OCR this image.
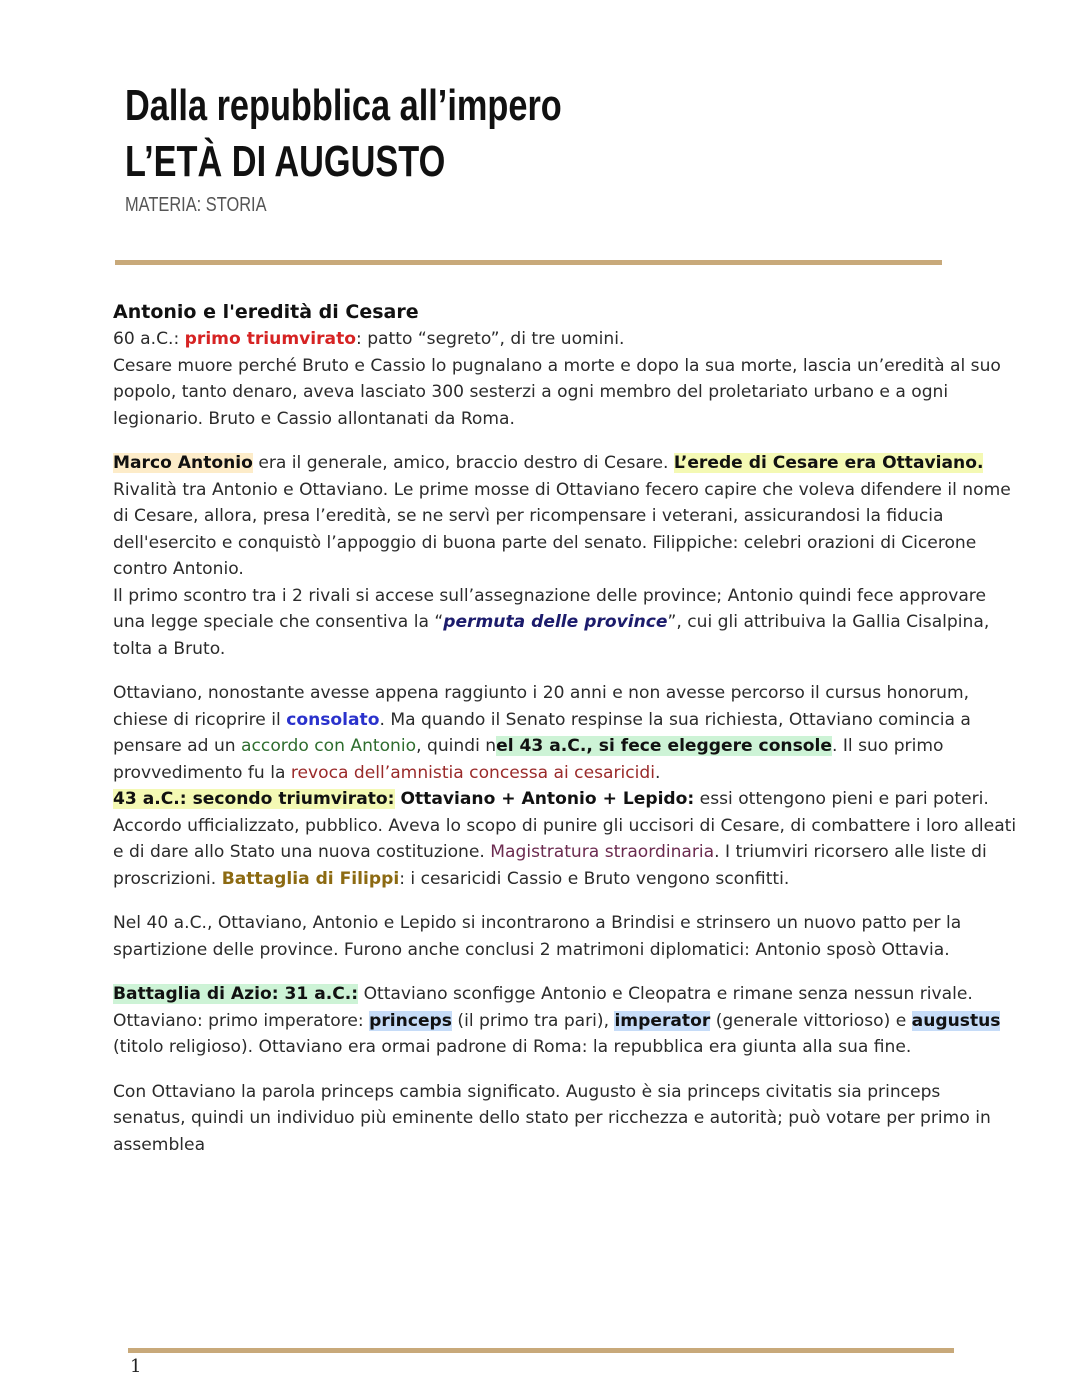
Dalla repubblica all’impero
L’ETÀ DI AUGUSTO
MATERIA: STORIA
Antonio e l'eredità di Cesare

60 a.C.: primo triumvirato: patto “segreto”, di tre uomini.
Cesare muore perché Bruto e Cassio lo pugnalano a morte e dopo la sua morte, lascia un’eredità al suo popolo, tanto denaro, aveva lasciato 300 sesterzi a ogni membro del proletariato urbano e a ogni legionario. Bruto e Cassio allontanati da Roma.

Marco Antonio era il generale, amico, braccio destro di Cesare. L’erede di Cesare era Ottaviano. Rivalità tra Antonio e Ottaviano. Le prime mosse di Ottaviano fecero capire che voleva difendere il nome di Cesare, allora, presa l’eredità, se ne servì per ricompensare i veterani, assicurandosi la fiducia dell'esercito e conquistò l’appoggio di buona parte del senato. Filippiche: celebri orazioni di Cicerone contro Antonio.
Il primo scontro tra i 2 rivali si accese sull’assegnazione delle province; Antonio quindi fece approvare una legge speciale che consentiva la “permuta delle province”, cui gli attribuiva la Gallia Cisalpina, tolta a Bruto.

Ottaviano, nonostante avesse appena raggiunto i 20 anni e non avesse percorso il cursus honorum, chiese di ricoprire il consolato. Ma quando il Senato respinse la sua richiesta, Ottaviano comincia a pensare ad un accordo con Antonio, quindi nel 43 a.C., si fece eleggere console. Il suo primo provvedimento fu la revoca dell’amnistia concessa ai cesaricidi.
43 a.C.: secondo triumvirato: Ottaviano + Antonio + Lepido: essi ottengono pieni e pari poteri. Accordo ufficializzato, pubblico. Aveva lo scopo di punire gli uccisori di Cesare, di combattere i loro alleati e di dare allo Stato una nuova costituzione. Magistratura straordinaria. I triumviri ricorsero alle liste di proscrizioni. Battaglia di Filippi: i cesaricidi Cassio e Bruto vengono sconfitti.

Nel 40 a.C., Ottaviano, Antonio e Lepido si incontrarono a Brindisi e strinsero un nuovo patto per la spartizione delle province. Furono anche conclusi 2 matrimoni diplomatici: Antonio sposò Ottavia.

Battaglia di Azio: 31 a.C.: Ottaviano sconfigge Antonio e Cleopatra e rimane senza nessun rivale. Ottaviano: primo imperatore: princeps (il primo tra pari), imperator (generale vittorioso) e augustus (titolo religioso). Ottaviano era ormai padrone di Roma: la repubblica era giunta alla sua fine.

Con Ottaviano la parola princeps cambia significato. Augusto è sia princeps civitatis sia princeps senatus, quindi un individuo più eminente dello stato per ricchezza e autorità; può votare per primo in assemblea

1
